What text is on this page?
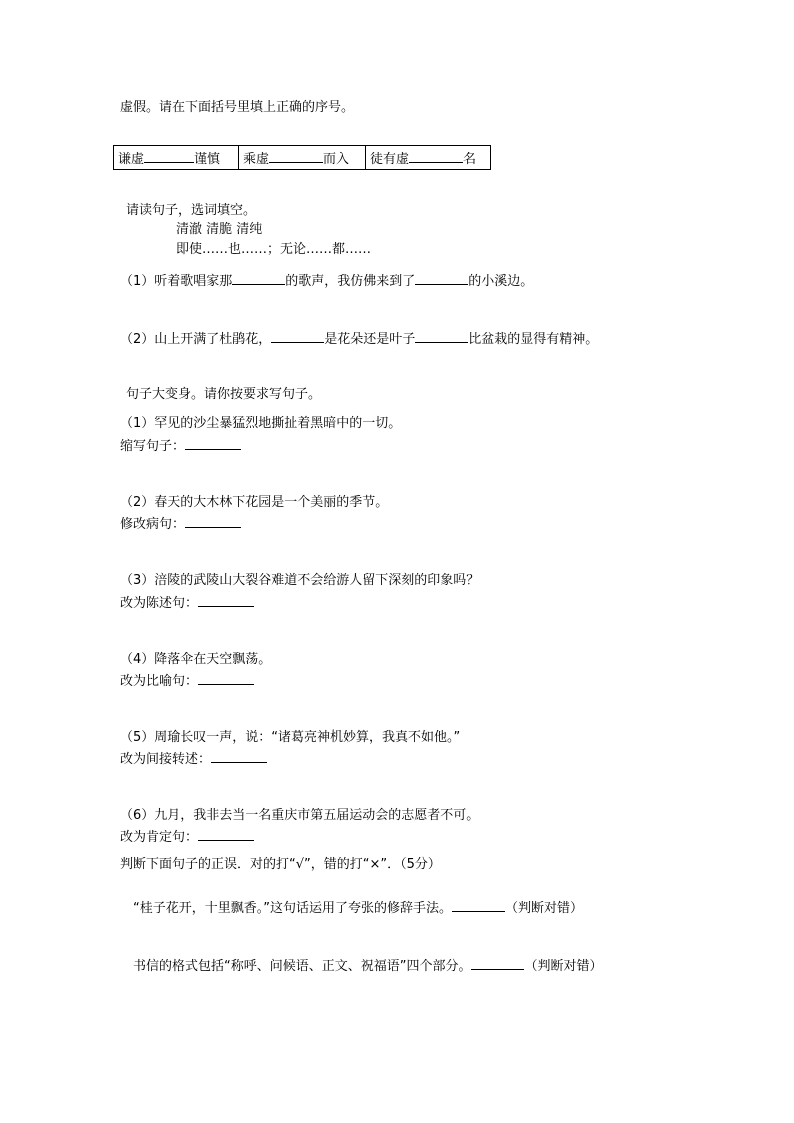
虚假。请在下面括号里填上正确的序号。
谦虚	谨慎	乘虚	而入	徒有虚	名
请读句子，选词填空。
清澈 清脆 清纯
即使……也……；无论……都……
（1）听着歌唱家那	的歌声，我仿佛来到了	的小溪边。
（2）山上开满了杜鹃花，	是花朵还是叶子	比盆栽的显得有精神。
句子大变身。请你按要求写句子。
（1）罕见的沙尘暴猛烈地撕扯着黑暗中的一切。
缩写句子：
（2）春天的大木林下花园是一个美丽的季节。
修改病句：
（3）涪陵的武陵山大裂谷难道不会给游人留下深刻的印象吗？
改为陈述句：
（4）降落伞在天空飘荡。
改为比喻句：
（5）周瑜长叹一声，说：“诸葛亮神机妙算，我真不如他。”
改为间接转述：
（6）九月，我非去当一名重庆市第五届运动会的志愿者不可。
改为肯定句：
判断下面句子的正误．对的打“√”，错的打“×”．（5分）
“桂子花开，十里飘香。”这句话运用了夸张的修辞手法。	（判断对错）
书信的格式包括“称呼、问候语、正文、祝福语”四个部分。	（判断对错）
